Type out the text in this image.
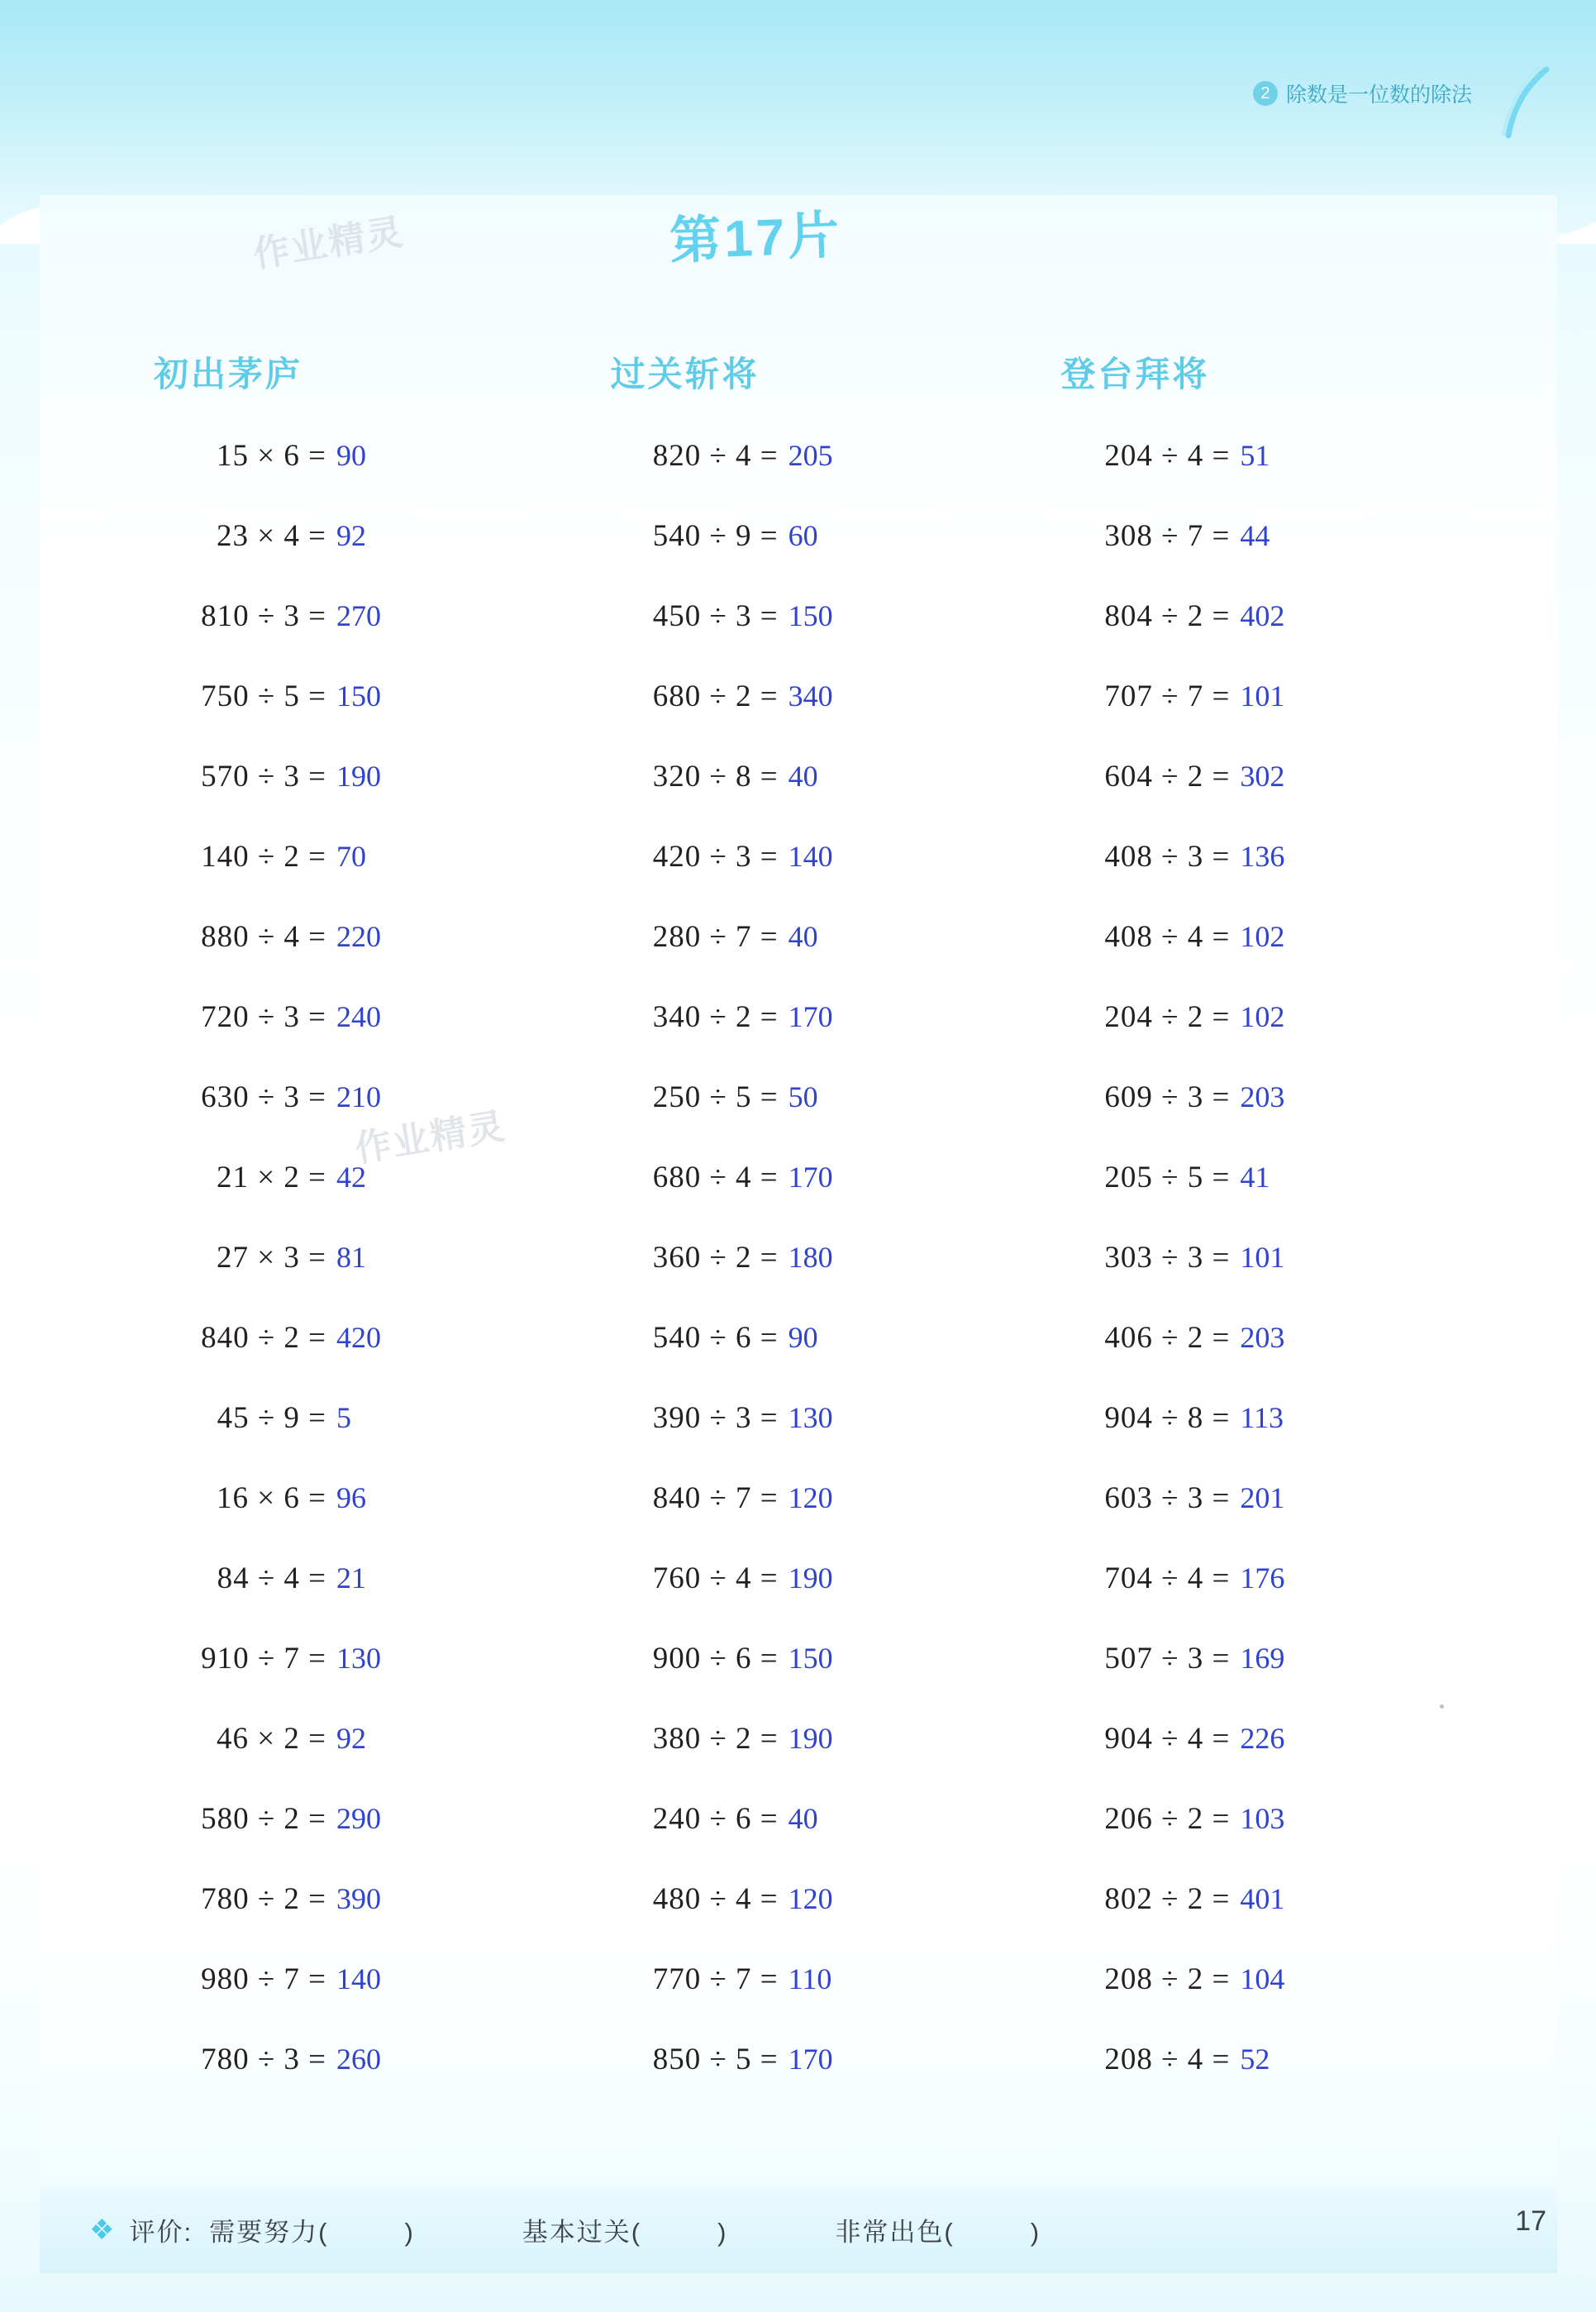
2 除数是一位数的除法
第17片
作业精灵
作业精灵
初出茅庐
15 × 6 = 90
23 × 4 = 92
810 ÷ 3 = 270
750 ÷ 5 = 150
570 ÷ 3 = 190
140 ÷ 2 = 70
880 ÷ 4 = 220
720 ÷ 3 = 240
630 ÷ 3 = 210
21 × 2 = 42
27 × 3 = 81
840 ÷ 2 = 420
45 ÷ 9 = 5
16 × 6 = 96
84 ÷ 4 = 21
910 ÷ 7 = 130
46 × 2 = 92
580 ÷ 2 = 290
780 ÷ 2 = 390
980 ÷ 7 = 140
780 ÷ 3 = 260
过关斩将
820 ÷ 4 = 205
540 ÷ 9 = 60
450 ÷ 3 = 150
680 ÷ 2 = 340
320 ÷ 8 = 40
420 ÷ 3 = 140
280 ÷ 7 = 40
340 ÷ 2 = 170
250 ÷ 5 = 50
680 ÷ 4 = 170
360 ÷ 2 = 180
540 ÷ 6 = 90
390 ÷ 3 = 130
840 ÷ 7 = 120
760 ÷ 4 = 190
900 ÷ 6 = 150
380 ÷ 2 = 190
240 ÷ 6 = 40
480 ÷ 4 = 120
770 ÷ 7 = 110
850 ÷ 5 = 170
登台拜将
204 ÷ 4 = 51
308 ÷ 7 = 44
804 ÷ 2 = 402
707 ÷ 7 = 101
604 ÷ 2 = 302
408 ÷ 3 = 136
408 ÷ 4 = 102
204 ÷ 2 = 102
609 ÷ 3 = 203
205 ÷ 5 = 41
303 ÷ 3 = 101
406 ÷ 2 = 203
904 ÷ 8 = 113
603 ÷ 3 = 201
704 ÷ 4 = 176
507 ÷ 3 = 169
904 ÷ 4 = 226
206 ÷ 2 = 103
802 ÷ 2 = 401
208 ÷ 2 = 104
208 ÷ 4 = 52
❖ 评价: 需要努力(	)	基本过关(	)	非常出色(	)	17
